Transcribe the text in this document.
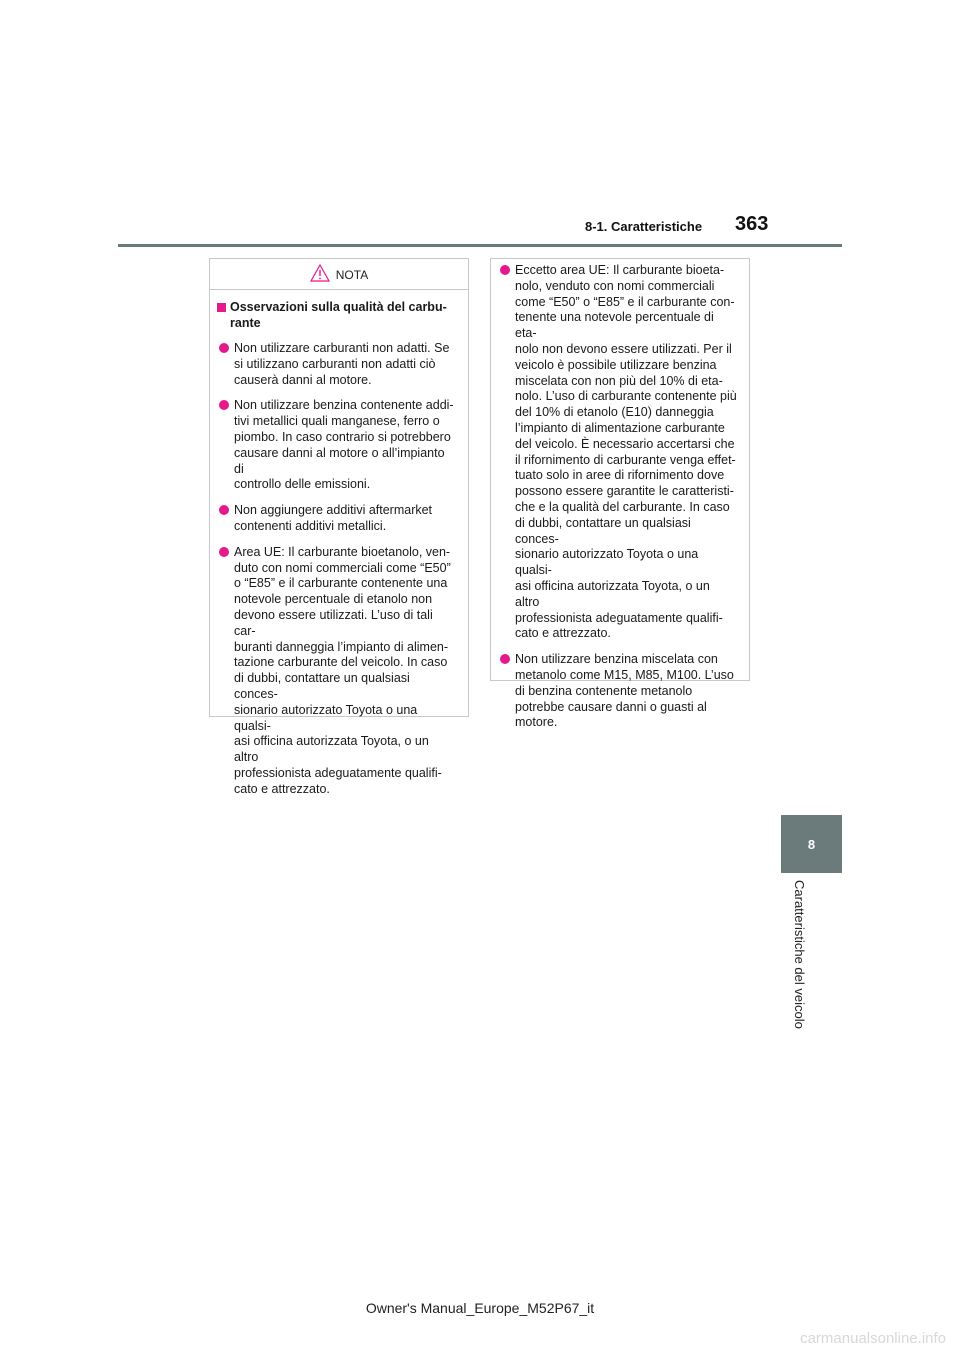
8-1. Caratteristiche 363
8
Caratteristiche del veicolo
NOTA
Osservazioni sulla qualità del carbu-
rante
Non utilizzare carburanti non adatti. Se
si utilizzano carburanti non adatti ciò
causerà danni al motore.
Non utilizzare benzina contenente addi-
tivi metallici quali manganese, ferro o
piombo. In caso contrario si potrebbero
causare danni al motore o all’impianto di
controllo delle emissioni.
Non aggiungere additivi aftermarket
contenenti additivi metallici.
Area UE: Il carburante bioetanolo, ven-
duto con nomi commerciali come “E50”
o “E85” e il carburante contenente una
notevole percentuale di etanolo non
devono essere utilizzati. L’uso di tali car-
buranti danneggia l’impianto di alimen-
tazione carburante del veicolo. In caso
di dubbi, contattare un qualsiasi conces-
sionario autorizzato Toyota o una qualsi-
asi officina autorizzata Toyota, o un altro
professionista adeguatamente qualifi-
cato e attrezzato.
Eccetto area UE: Il carburante bioeta-
nolo, venduto con nomi commerciali
come “E50” o “E85” e il carburante con-
tenente una notevole percentuale di eta-
nolo non devono essere utilizzati. Per il
veicolo è possibile utilizzare benzina
miscelata con non più del 10% di eta-
nolo. L’uso di carburante contenente più
del 10% di etanolo (E10) danneggia
l’impianto di alimentazione carburante
del veicolo. È necessario accertarsi che
il rifornimento di carburante venga effet-
tuato solo in aree di rifornimento dove
possono essere garantite le caratteristi-
che e la qualità del carburante. In caso
di dubbi, contattare un qualsiasi conces-
sionario autorizzato Toyota o una qualsi-
asi officina autorizzata Toyota, o un altro
professionista adeguatamente qualifi-
cato e attrezzato.
Non utilizzare benzina miscelata con
metanolo come M15, M85, M100. L’uso
di benzina contenente metanolo
potrebbe causare danni o guasti al
motore.
Owner's Manual_Europe_M52P67_it
carmanualsonline.info
